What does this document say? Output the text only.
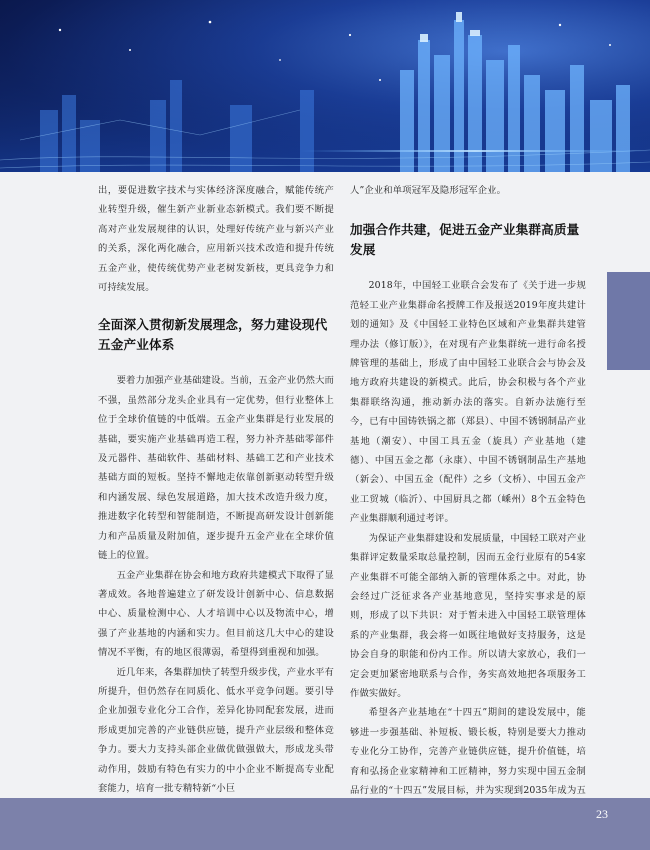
出，要促进数字技术与实体经济深度融合，赋能传统产业转型升级，催生新产业新业态新模式。我们要不断提高对产业发展规律的认识，处理好传统产业与新兴产业的关系，深化两化融合，应用新兴技术改造和提升传统五金产业，使传统优势产业老树发新枝，更具竞争力和可持续发展。

全面深入贯彻新发展理念，努力建设现代五金产业体系

要着力加强产业基础建设。当前，五金产业仍然大而不强，虽然部分龙头企业具有一定优势，但行业整体上位于全球价值链的中低端。五金产业集群是行业发展的基础，要实施产业基础再造工程，努力补齐基础零部件及元器件、基础软件、基础材料、基础工艺和产业技术基础方面的短板。坚持不懈地走依靠创新驱动转型升级和内涵发展、绿色发展道路，加大技术改造升级力度，推进数字化转型和智能制造，不断提高研发设计创新能力和产品质量及附加值，逐步提升五金产业在全球价值链上的位置。

五金产业集群在协会和地方政府共建模式下取得了显著成效。各地普遍建立了研发设计创新中心、信息数据中心、质量检测中心、人才培训中心以及物流中心，增强了产业基地的内涵和实力。但目前这几大中心的建设情况不平衡，有的地区很薄弱，希望得到重视和加强。

近几年来，各集群加快了转型升级步伐，产业水平有所提升，但仍然存在同质化、低水平竞争问题。要引导企业加强专业化分工合作，差异化协同配套发展，进而形成更加完善的产业链供应链，提升产业层级和整体竞争力。要大力支持头部企业做优做强做大，形成龙头带动作用，鼓励有特色有实力的中小企业不断提高专业配套能力，培育一批专精特新“小巨

人”企业和单项冠军及隐形冠军企业。

加强合作共建，促进五金产业集群高质量发展

2018年，中国轻工业联合会发布了《关于进一步规范轻工业产业集群命名授牌工作及报送2019年度共建计划的通知》及《中国轻工业特色区域和产业集群共建管理办法（修订版）》，在对现有产业集群统一进行命名授牌管理的基础上，形成了由中国轻工业联合会与协会及地方政府共建设的新模式。此后，协会积极与各个产业集群联络沟通，推动新办法的落实。自新办法施行至今，已有中国铸铁锅之都（郑县）、中国不锈钢制品产业基地（潮安）、中国工具五金（旋具）产业基地（建德）、中国五金之都（永康）、中国不锈钢制品生产基地（新会）、中国五金（配件）之乡（文桥）、中国五金产业工贸城（临沂）、中国厨具之都（嵊州）8个五金特色产业集群顺利通过考评。

为保证产业集群建设和发展质量，中国轻工联对产业集群评定数量采取总量控制，因而五金行业原有的54家产业集群不可能全部纳入新的管理体系之中。对此，协会经过广泛征求各产业基地意见，坚持实事求是的原则，形成了以下共识：对于暂未进入中国轻工联管理体系的产业集群，我会将一如既往地做好支持服务，这是协会自身的职能和份内工作。所以请大家放心，我们一定会更加紧密地联系与合作，务实高效地把各项服务工作做实做好。

希望各产业基地在“十四五”期间的建设发展中，能够进一步强基础、补短板、锻长板，特别是要大力推动专业化分工协作，完善产业链供应链，提升价值链，培育和弘扬企业家精神和工匠精神，努力实现中国五金制品行业的“十四五”发展目标，并为实现到2035年成为五

23
